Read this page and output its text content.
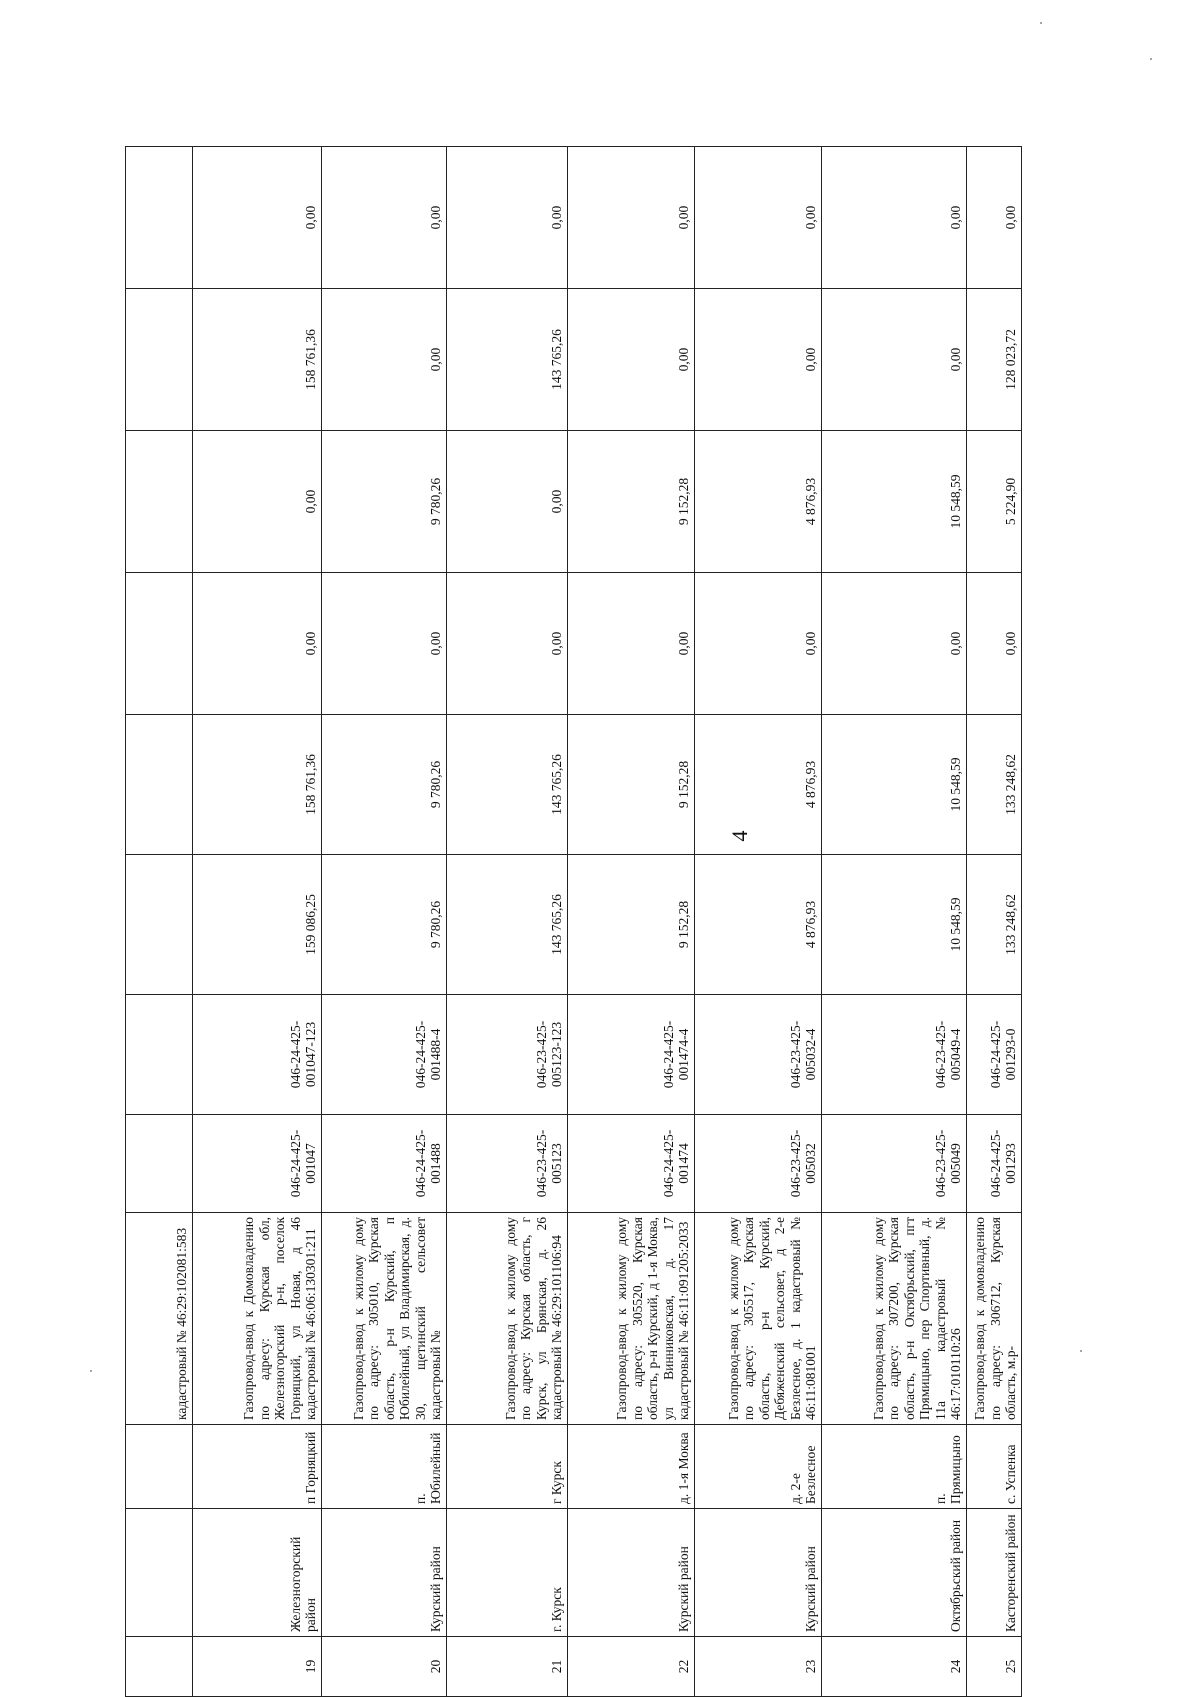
4
			кадастровый № 46:29:102081:583								
19	Железногорский район	п Горняцкий	Газопровод-ввод к Домовладению по адресу: Курская обл, Железногорский р-н, поселок Горняцкий, ул Новая, д 46 кадастровый № 46:06:130301:211	046-24-425-001047	046-24-425-001047-123	159 086,25	158 761,36	0,00	0,00	158 761,36	0,00
20	Курский район	п. Юбилейный	Газопровод-ввод к жилому дому по адресу: 305010, Курская область, р-н Курский, п Юбилейный, ул Владимирская, д. 30, щетинский сельсовет кадастровый №	046-24-425-001488	046-24-425-001488-4	9 780,26	9 780,26	0,00	9 780,26	0,00	0,00
21	г. Курск	г Курск	Газопровод-ввод к жилому дому по адресу: Курская область, г Курск, ул Брянская, д. 26 кадастровый № 46:29:101106:94	046-23-425-005123	046-23-425-005123-123	143 765,26	143 765,26	0,00	0,00	143 765,26	0,00
22	Курский район	д. 1-я Моква	Газопровод-ввод к жилому дому по адресу: 305520, Курская область, р-н Курский, д 1-я Моква, ул Винниковская, д. 17 кадастровый № 46:11:091205:2033	046-24-425-001474	046-24-425-001474-4	9 152,28	9 152,28	0,00	9 152,28	0,00	0,00
23	Курский район	д. 2-е Безлесное	Газопровод-ввод к жилому дому по адресу: 305517, Курская область, р-н Курский, Дебяженский сельсовет, д 2-е Безлесное, д. 1 кадастровый № 46:11:081001	046-23-425-005032	046-23-425-005032-4	4 876,93	4 876,93	0,00	4 876,93	0,00	0,00
24	Октябрьский район	п. Прямицыно	Газопровод-ввод к жилому дому по адресу: 307200, Курская область, р-н Октябрьский, пгт Прямицыно, пер Спортивный, д. 11а кадастровый № 46:17:010110:26	046-23-425-005049	046-23-425-005049-4	10 548,59	10 548,59	0,00	10 548,59	0,00	0,00
25	Касторенский район	с. Успенка	Газопровод-ввод к домовладению по адресу: 306712, Курская область, м.р-	046-24-425-001293	046-24-425-001293-0	133 248,62	133 248,62	0,00	5 224,90	128 023,72	0,00
